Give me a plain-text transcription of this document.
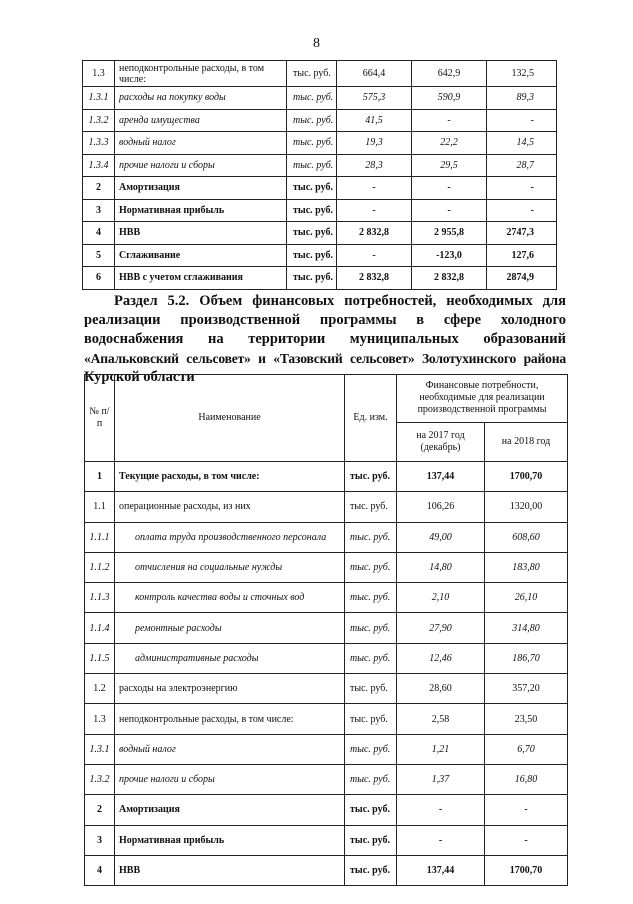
8
1.3	неподконтрольные расходы, в том числе:	тыс. руб.	664,4	642,9	132,5
1.3.1	расходы на покупку воды	тыс. руб.	575,3	590,9	89,3
1.3.2	аренда имущества	тыс. руб.	41,5	-	-
1.3.3	водный налог	тыс. руб.	19,3	22,2	14,5
1.3.4	прочие налоги и сборы	тыс. руб.	28,3	29,5	28,7
2	Амортизация	тыс. руб.	-	-	-
3	Нормативная прибыль	тыс. руб.	-	-	-
4	НВВ	тыс. руб.	2 832,8	2 955,8	2747,3
5	Сглаживание	тыс. руб.	-	-123,0	127,6
6	НВВ с учетом сглаживания	тыс. руб.	2 832,8	2 832,8	2874,9
Раздел 5.2. Объем финансовых потребностей, необходимых для
реализации производственной программы в сфере холодного
водоснабжения на территории муниципальных образований
«Апальковский сельсовет» и «Тазовский сельсовет» Золотухинского района
Курской области
№ п/п	Наименование	Ед. изм.	Финансовые потребности, необходимые для реализации производственной программы	
			на 2017 год (декабрь)	на 2018 год
1	Текущие расходы, в том числе:	тыс. руб.	137,44	1700,70
1.1	операционные расходы, из них	тыс. руб.	106,26	1320,00
1.1.1	оплата труда производственного персонала	тыс. руб.	49,00	608,60
1.1.2	отчисления на социальные нужды	тыс. руб.	14,80	183,80
1.1.3	контроль качества воды и сточных вод	тыс. руб.	2,10	26,10
1.1.4	ремонтные расходы	тыс. руб.	27,90	314,80
1.1.5	административные расходы	тыс. руб.	12,46	186,70
1.2	расходы на электроэнергию	тыс. руб.	28,60	357,20
1.3	неподконтрольные расходы, в том числе:	тыс. руб.	2,58	23,50
1.3.1	водный налог	тыс. руб.	1,21	6,70
1.3.2	прочие налоги и сборы	тыс. руб.	1,37	16,80
2	Амортизация	тыс. руб.	-	-
3	Нормативная прибыль	тыс. руб.	-	-
4	НВВ	тыс. руб.	137,44	1700,70
